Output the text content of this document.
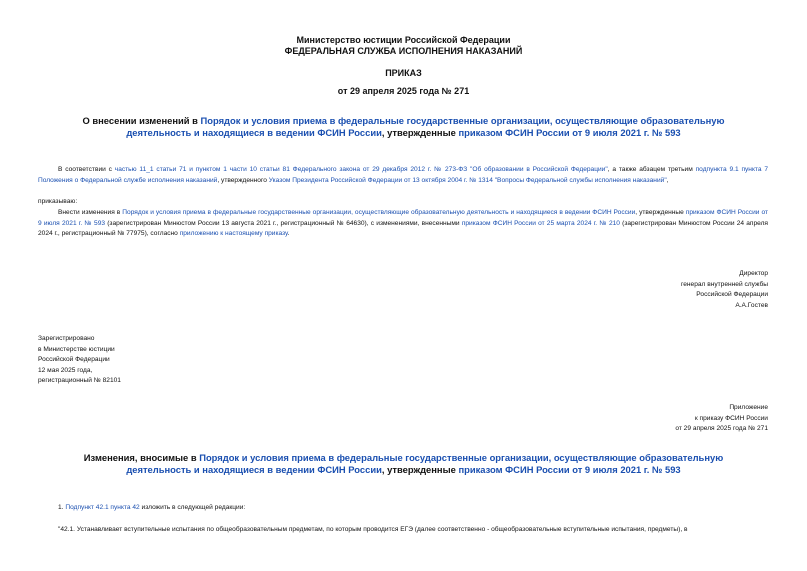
Министерство юстиции Российской Федерации
ФЕДЕРАЛЬНАЯ СЛУЖБА ИСПОЛНЕНИЯ НАКАЗАНИЙ
ПРИКАЗ
от 29 апреля 2025 года № 271
О внесении изменений в Порядок и условия приема в федеральные государственные организации, осуществляющие образовательную деятельность и находящиеся в ведении ФСИН России, утвержденные приказом ФСИН России от 9 июля 2021 г. № 593
В соответствии с частью 11_1 статьи 71 и пунктом 1 части 10 статьи 81 Федерального закона от 29 декабря 2012 г. № 273-ФЗ "Об образовании в Российской Федерации", а также абзацем третьим подпункта 9.1 пункта 7 Положения о Федеральной службе исполнения наказаний, утвержденного Указом Президента Российской Федерации от 13 октября 2004 г. № 1314 "Вопросы Федеральной службы исполнения наказаний",
приказываю:
Внести изменения в Порядок и условия приема в федеральные государственные организации, осуществляющие образовательную деятельность и находящиеся в ведении ФСИН России, утвержденные приказом ФСИН России от 9 июля 2021 г. № 593 (зарегистрирован Минюстом России 13 августа 2021 г., регистрационный № 64630), с изменениями, внесенными приказом ФСИН России от 25 марта 2024 г. № 210 (зарегистрирован Минюстом России 24 апреля 2024 г., регистрационный № 77975), согласно приложению к настоящему приказу.
Директор
генерал внутренней службы
Российской Федерации
А.А.Гостев
Зарегистрировано
в Министерстве юстиции
Российской Федерации
12 мая 2025 года,
регистрационный № 82101
Приложение
к приказу ФСИН России
от 29 апреля 2025 года № 271
Изменения, вносимые в Порядок и условия приема в федеральные государственные организации, осуществляющие образовательную деятельность и находящиеся в ведении ФСИН России, утвержденные приказом ФСИН России от 9 июля 2021 г. № 593
1. Подпункт 42.1 пункта 42 изложить в следующей редакции:
"42.1. Устанавливает вступительные испытания по общеобразовательным предметам, по которым проводится ЕГЭ (далее соответственно - общеобразовательные вступительные испытания, предметы), в
